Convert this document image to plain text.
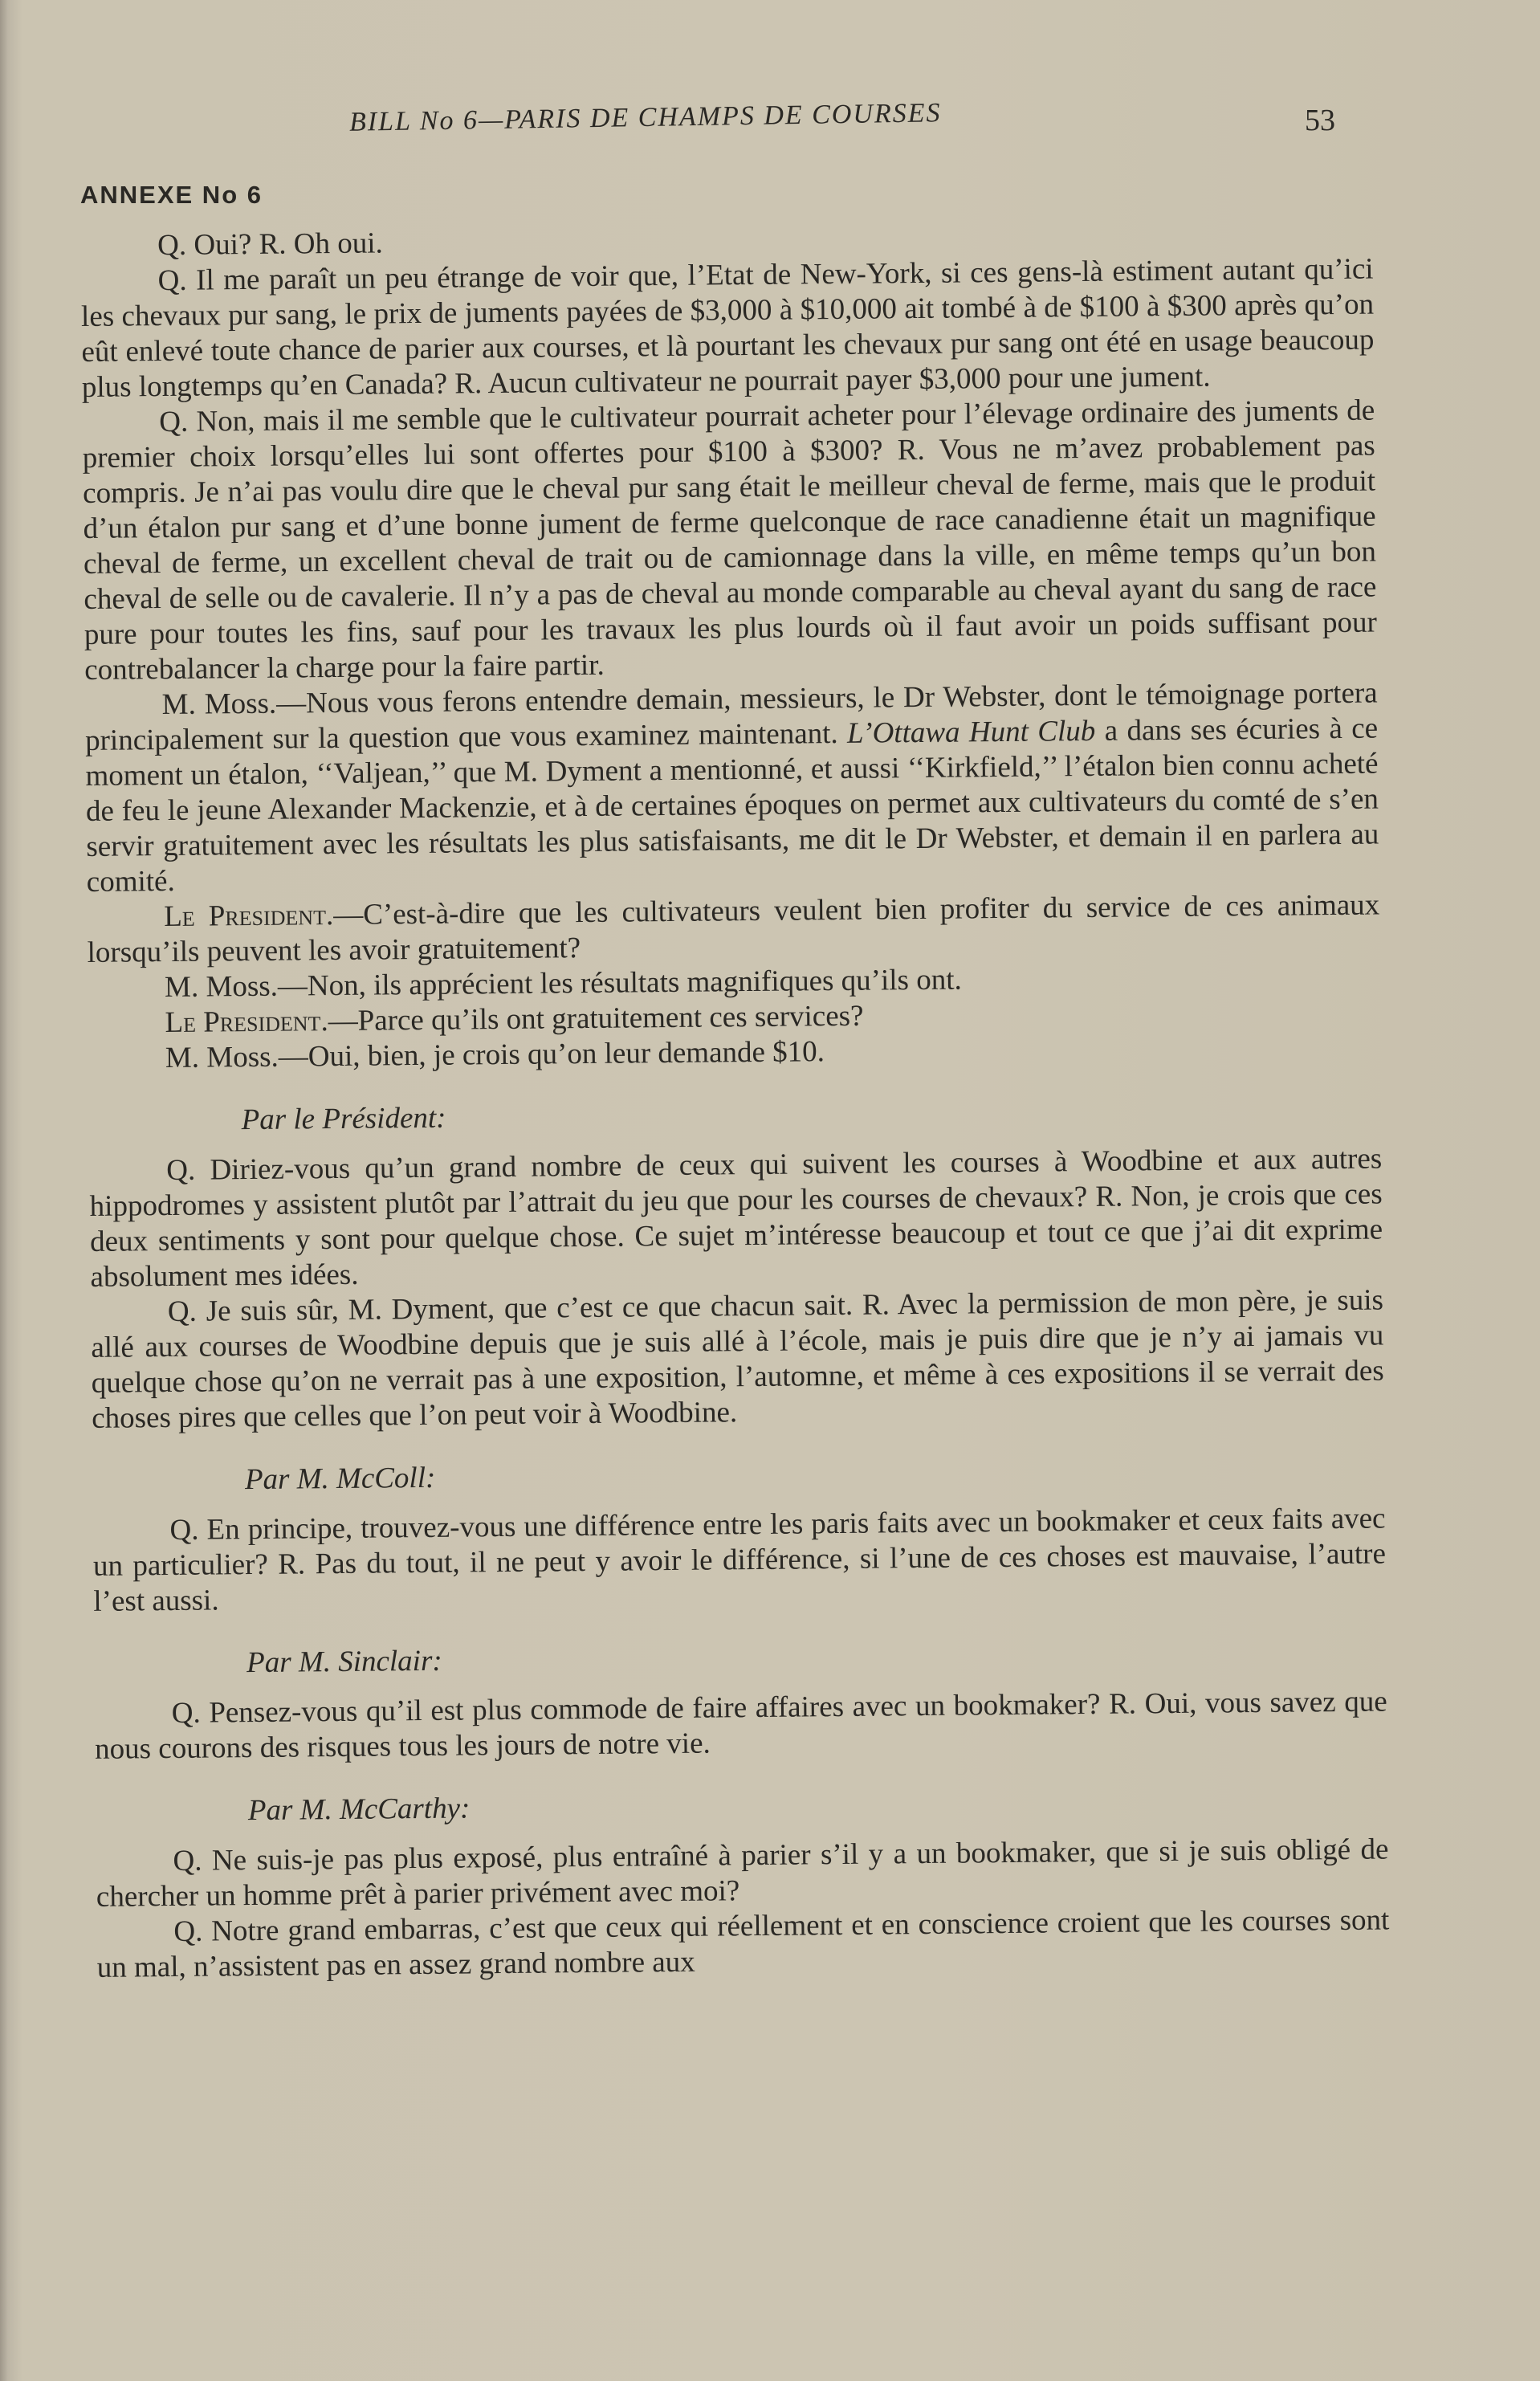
BILL No 6—PARIS DE CHAMPS DE COURSES	53
ANNEXE No 6

Q. Oui? R. Oh oui.

Q. Il me paraît un peu étrange de voir que, l’Etat de New-York, si ces gens-là estiment autant qu’ici les chevaux pur sang, le prix de juments payées de $3,000 à $10,000 ait tombé à de $100 à $300 après qu’on eût enlevé toute chance de parier aux courses, et là pourtant les chevaux pur sang ont été en usage beaucoup plus longtemps qu’en Canada? R. Aucun cultivateur ne pourrait payer $3,000 pour une jument.

Q. Non, mais il me semble que le cultivateur pourrait acheter pour l’élevage ordinaire des juments de premier choix lorsqu’elles lui sont offertes pour $100 à $300? R. Vous ne m’avez probablement pas compris. Je n’ai pas voulu dire que le cheval pur sang était le meilleur cheval de ferme, mais que le produit d’un étalon pur sang et d’une bonne jument de ferme quelconque de race canadienne était un magnifique cheval de ferme, un excellent cheval de trait ou de camionnage dans la ville, en même temps qu’un bon cheval de selle ou de cavalerie. Il n’y a pas de cheval au monde comparable au cheval ayant du sang de race pure pour toutes les fins, sauf pour les travaux les plus lourds où il faut avoir un poids suffisant pour contrebalancer la charge pour la faire partir.

M. Moss.—Nous vous ferons entendre demain, messieurs, le Dr Webster, dont le témoignage portera principalement sur la question que vous examinez maintenant. L’Ottawa Hunt Club a dans ses écuries à ce moment un étalon, ‘‘Valjean,’’ que M. Dyment a mentionné, et aussi ‘‘Kirkfield,’’ l’étalon bien connu acheté de feu le jeune Alexander Mackenzie, et à de certaines époques on permet aux cultivateurs du comté de s’en servir gratuitement avec les résultats les plus satisfaisants, me dit le Dr Webster, et demain il en parlera au comité.

Le President.—C’est-à-dire que les cultivateurs veulent bien profiter du service de ces animaux lorsqu’ils peuvent les avoir gratuitement?

M. Moss.—Non, ils apprécient les résultats magnifiques qu’ils ont.

Le President.—Parce qu’ils ont gratuitement ces services?

M. Moss.—Oui, bien, je crois qu’on leur demande $10.

Par le Président:

Q. Diriez-vous qu’un grand nombre de ceux qui suivent les courses à Woodbine et aux autres hippodromes y assistent plutôt par l’attrait du jeu que pour les courses de chevaux? R. Non, je crois que ces deux sentiments y sont pour quelque chose. Ce sujet m’intéresse beaucoup et tout ce que j’ai dit exprime absolument mes idées.

Q. Je suis sûr, M. Dyment, que c’est ce que chacun sait. R. Avec la permission de mon père, je suis allé aux courses de Woodbine depuis que je suis allé à l’école, mais je puis dire que je n’y ai jamais vu quelque chose qu’on ne verrait pas à une exposition, l’automne, et même à ces expositions il se verrait des choses pires que celles que l’on peut voir à Woodbine.

Par M. McColl:

Q. En principe, trouvez-vous une différence entre les paris faits avec un bookmaker et ceux faits avec un particulier? R. Pas du tout, il ne peut y avoir le différence, si l’une de ces choses est mauvaise, l’autre l’est aussi.

Par M. Sinclair:

Q. Pensez-vous qu’il est plus commode de faire affaires avec un bookmaker? R. Oui, vous savez que nous courons des risques tous les jours de notre vie.

Par M. McCarthy:

Q. Ne suis-je pas plus exposé, plus entraîné à parier s’il y a un bookmaker, que si je suis obligé de chercher un homme prêt à parier privément avec moi?

Q. Notre grand embarras, c’est que ceux qui réellement et en conscience croient que les courses sont un mal, n’assistent pas en assez grand nombre aux
